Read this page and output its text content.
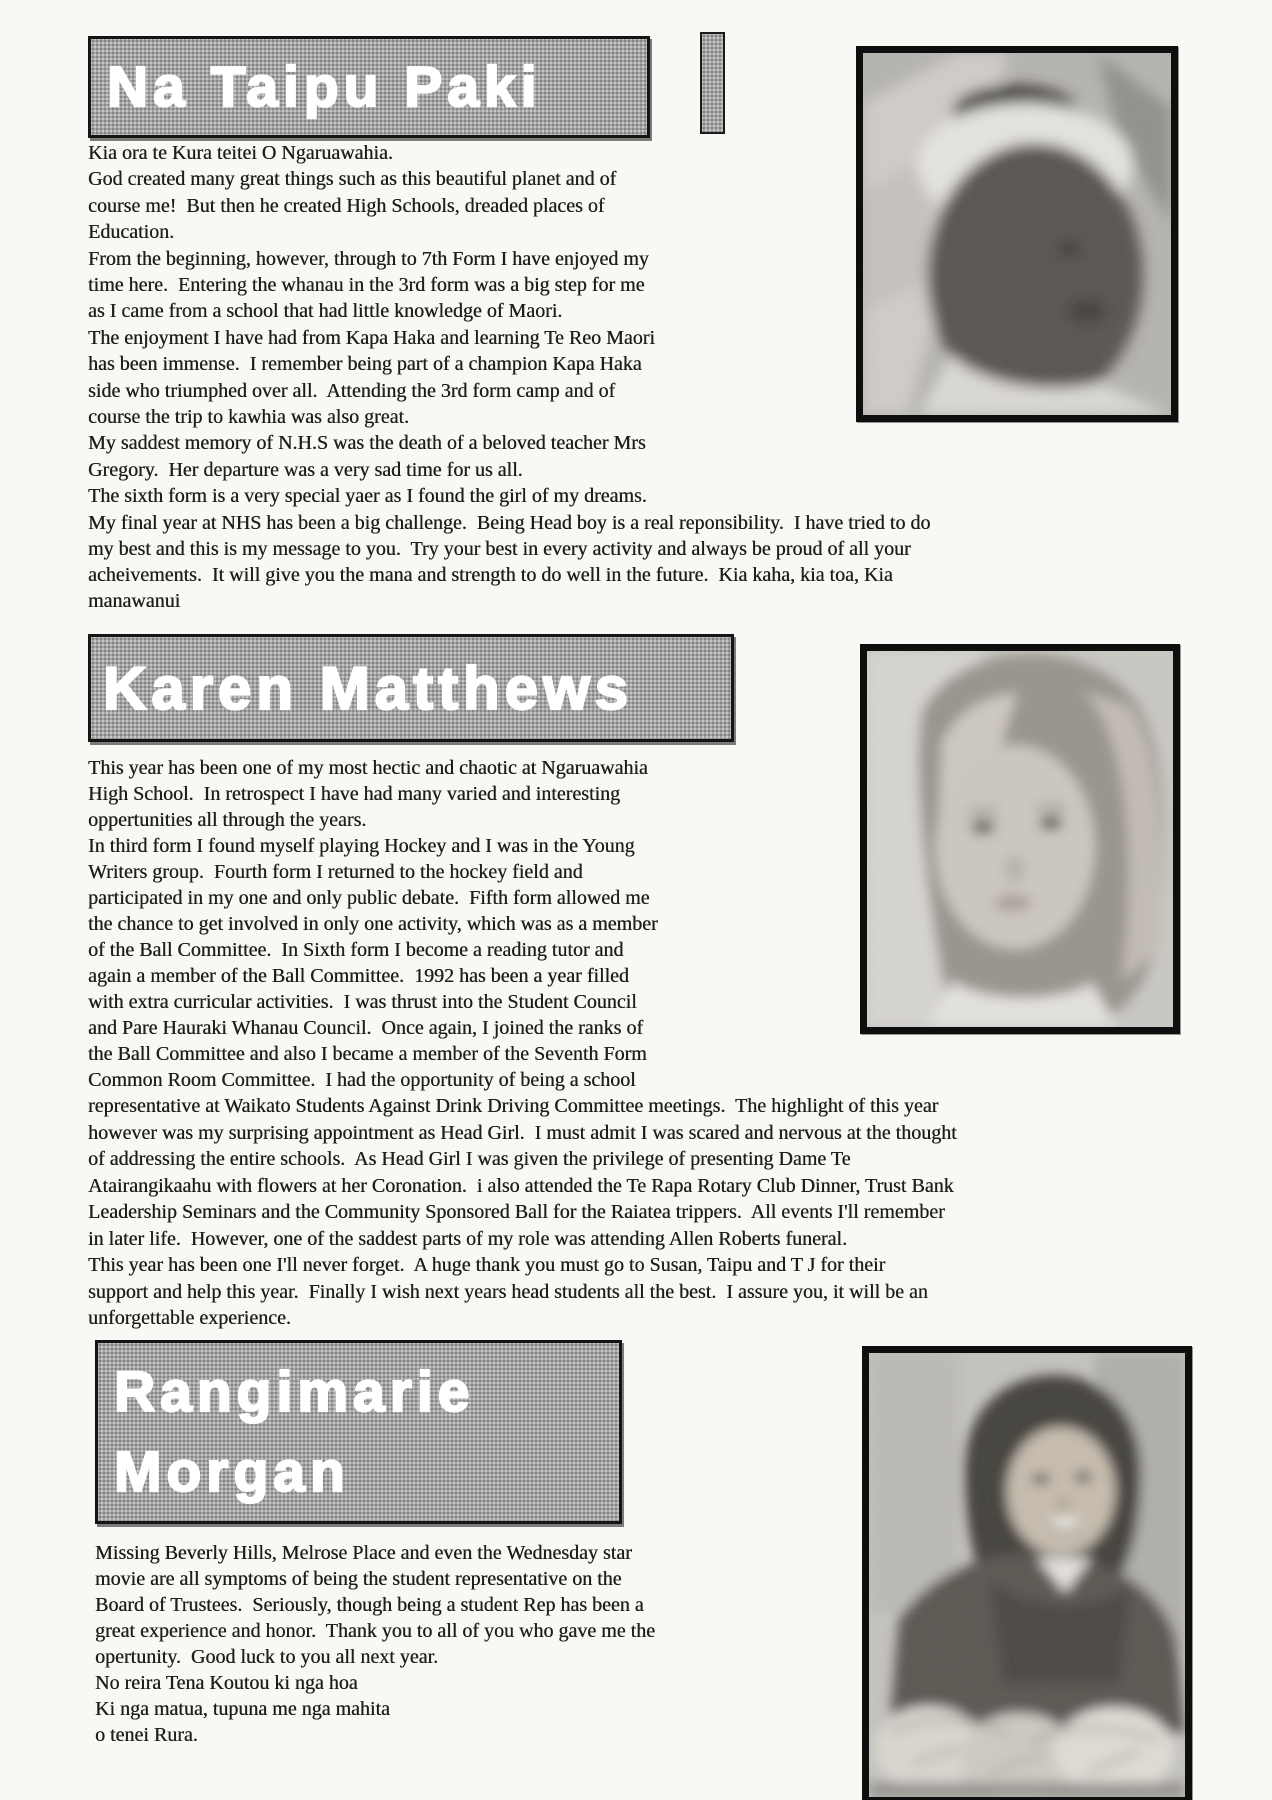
Na Taipu Paki

Kia ora te Kura teitei O Ngaruawahia.

God created many great things such as this beautiful planet and of

course me!  But then he created High Schools, dreaded places of

Education.

From the beginning, however, through to 7th Form I have enjoyed my

time here.  Entering the whanau in the 3rd form was a big step for me

as I came from a school that had little knowledge of Maori.

The enjoyment I have had from Kapa Haka and learning Te Reo Maori

has been immense.  I remember being part of a champion Kapa Haka

side who triumphed over all.  Attending the 3rd form camp and of

course the trip to kawhia was also great.

My saddest memory of N.H.S was the death of a beloved teacher Mrs

Gregory.  Her departure was a very sad time for us all.

The sixth form is a very special yaer as I found the girl of my dreams.

My final year at NHS has been a big challenge.  Being Head boy is a real reponsibility.  I have tried to do

my best and this is my message to you.  Try your best in every activity and always be proud of all your

acheivements.  It will give you the mana and strength to do well in the future.  Kia kaha, kia toa, Kia

manawanui

Karen Matthews

This year has been one of my most hectic and chaotic at Ngaruawahia

High School.  In retrospect I have had many varied and interesting

oppertunities all through the years.

In third form I found myself playing Hockey and I was in the Young

Writers group.  Fourth form I returned to the hockey field and

participated in my one and only public debate.  Fifth form allowed me

the chance to get involved in only one activity, which was as a member

of the Ball Committee.  In Sixth form I become a reading tutor and

again a member of the Ball Committee.  1992 has been a year filled

with extra curricular activities.  I was thrust into the Student Council

and Pare Hauraki Whanau Council.  Once again, I joined the ranks of

the Ball Committee and also I became a member of the Seventh Form

Common Room Committee.  I had the opportunity of being a school

representative at Waikato Students Against Drink Driving Committee meetings.  The highlight of this year

however was my surprising appointment as Head Girl.  I must admit I was scared and nervous at the thought

of addressing the entire schools.  As Head Girl I was given the privilege of presenting Dame Te

Atairangikaahu with flowers at her Coronation.  i also attended the Te Rapa Rotary Club Dinner, Trust Bank

Leadership Seminars and the Community Sponsored Ball for the Raiatea trippers.  All events I'll remember

in later life.  However, one of the saddest parts of my role was attending Allen Roberts funeral.

This year has been one I'll never forget.  A huge thank you must go to Susan, Taipu and T J for their

support and help this year.  Finally I wish next years head students all the best.  I assure you, it will be an

unforgettable experience.

Rangimarie
Morgan

Missing Beverly Hills, Melrose Place and even the Wednesday star

movie are all symptoms of being the student representative on the

Board of Trustees.  Seriously, though being a student Rep has been a

great experience and honor.  Thank you to all of you who gave me the

opertunity.  Good luck to you all next year.

No reira Tena Koutou ki nga hoa

Ki nga matua, tupuna me nga mahita

o tenei Rura.
